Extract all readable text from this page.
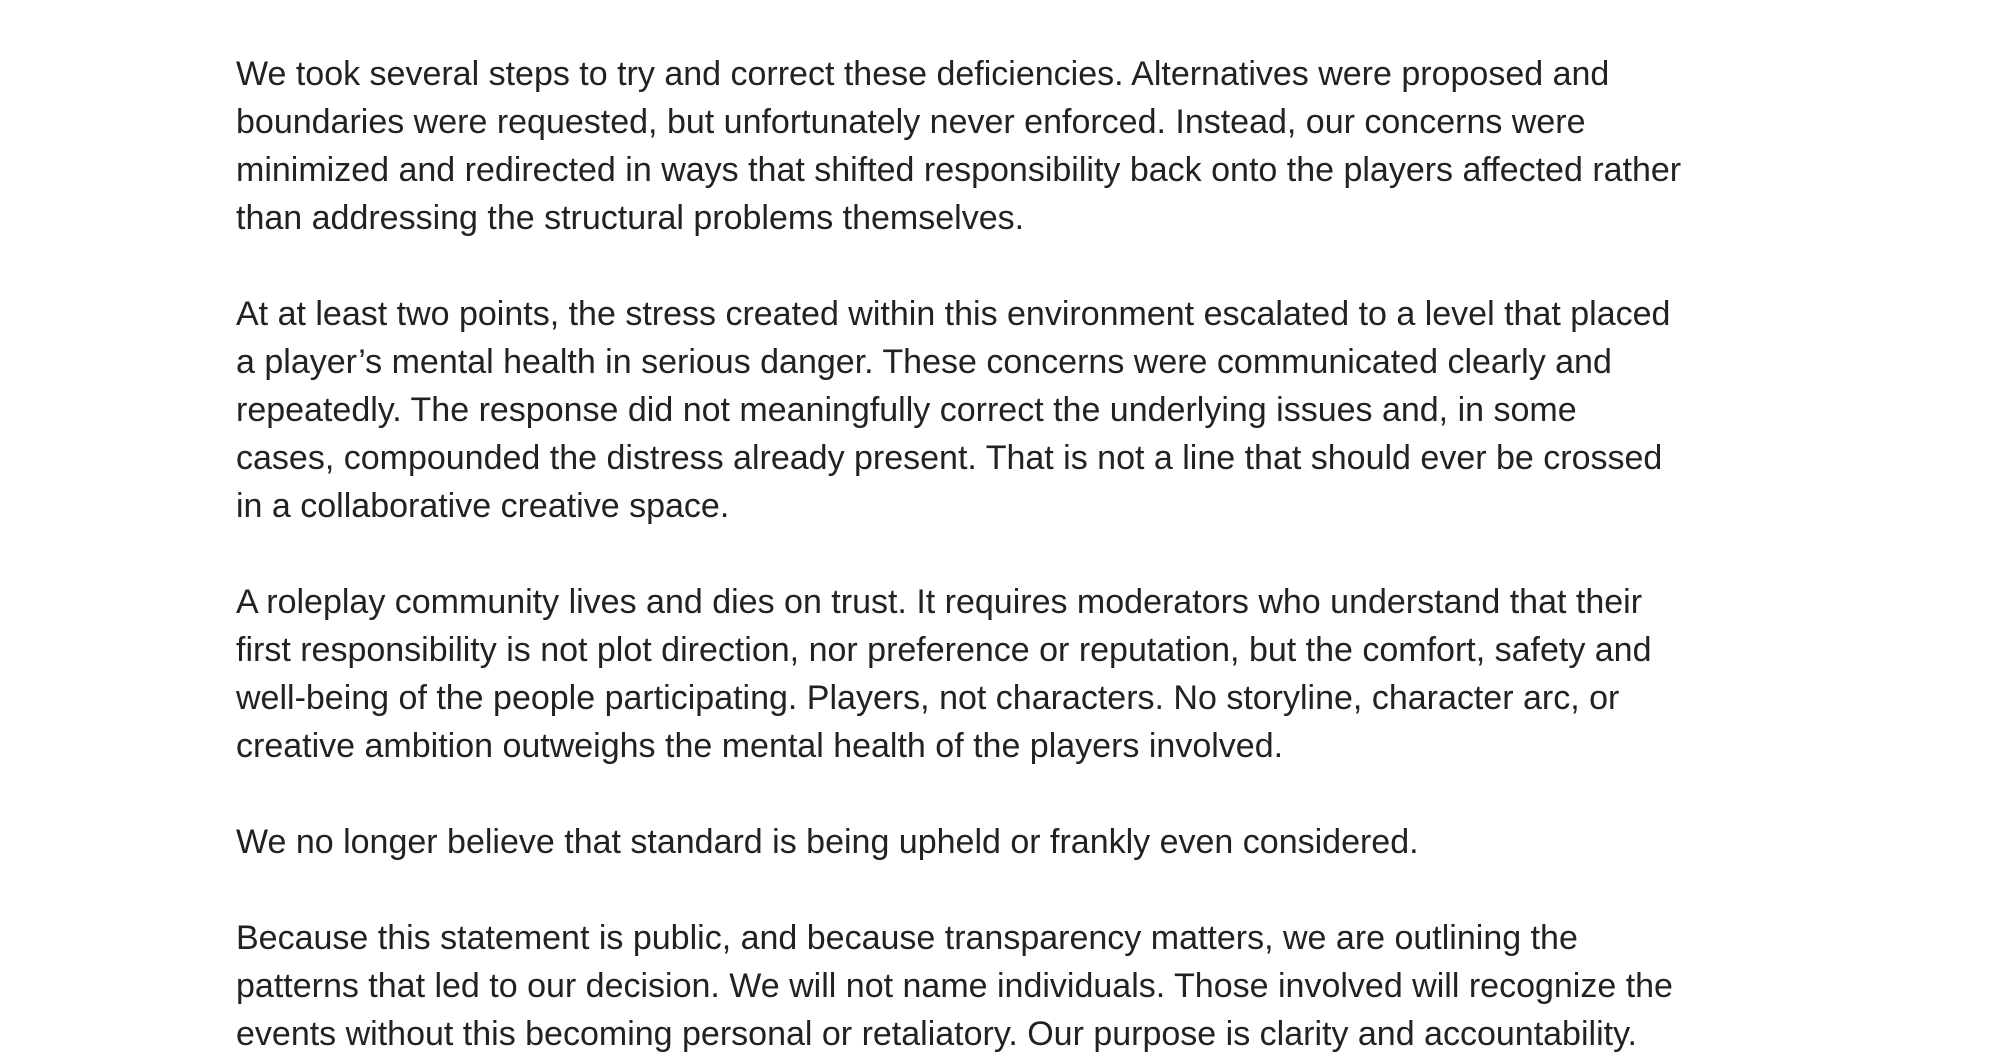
We took several steps to try and correct these deficiencies. Alternatives were proposed and
boundaries were requested, but unfortunately never enforced. Instead, our concerns were
minimized and redirected in ways that shifted responsibility back onto the players affected rather
than addressing the structural problems themselves.

At at least two points, the stress created within this environment escalated to a level that placed
a player’s mental health in serious danger. These concerns were communicated clearly and
repeatedly. The response did not meaningfully correct the underlying issues and, in some
cases, compounded the distress already present. That is not a line that should ever be crossed
in a collaborative creative space.

A roleplay community lives and dies on trust. It requires moderators who understand that their
first responsibility is not plot direction, nor preference or reputation, but the comfort, safety and
well-being of the people participating. Players, not characters. No storyline, character arc, or
creative ambition outweighs the mental health of the players involved.

We no longer believe that standard is being upheld or frankly even considered.

Because this statement is public, and because transparency matters, we are outlining the
patterns that led to our decision. We will not name individuals. Those involved will recognize the
events without this becoming personal or retaliatory. Our purpose is clarity and accountability.
